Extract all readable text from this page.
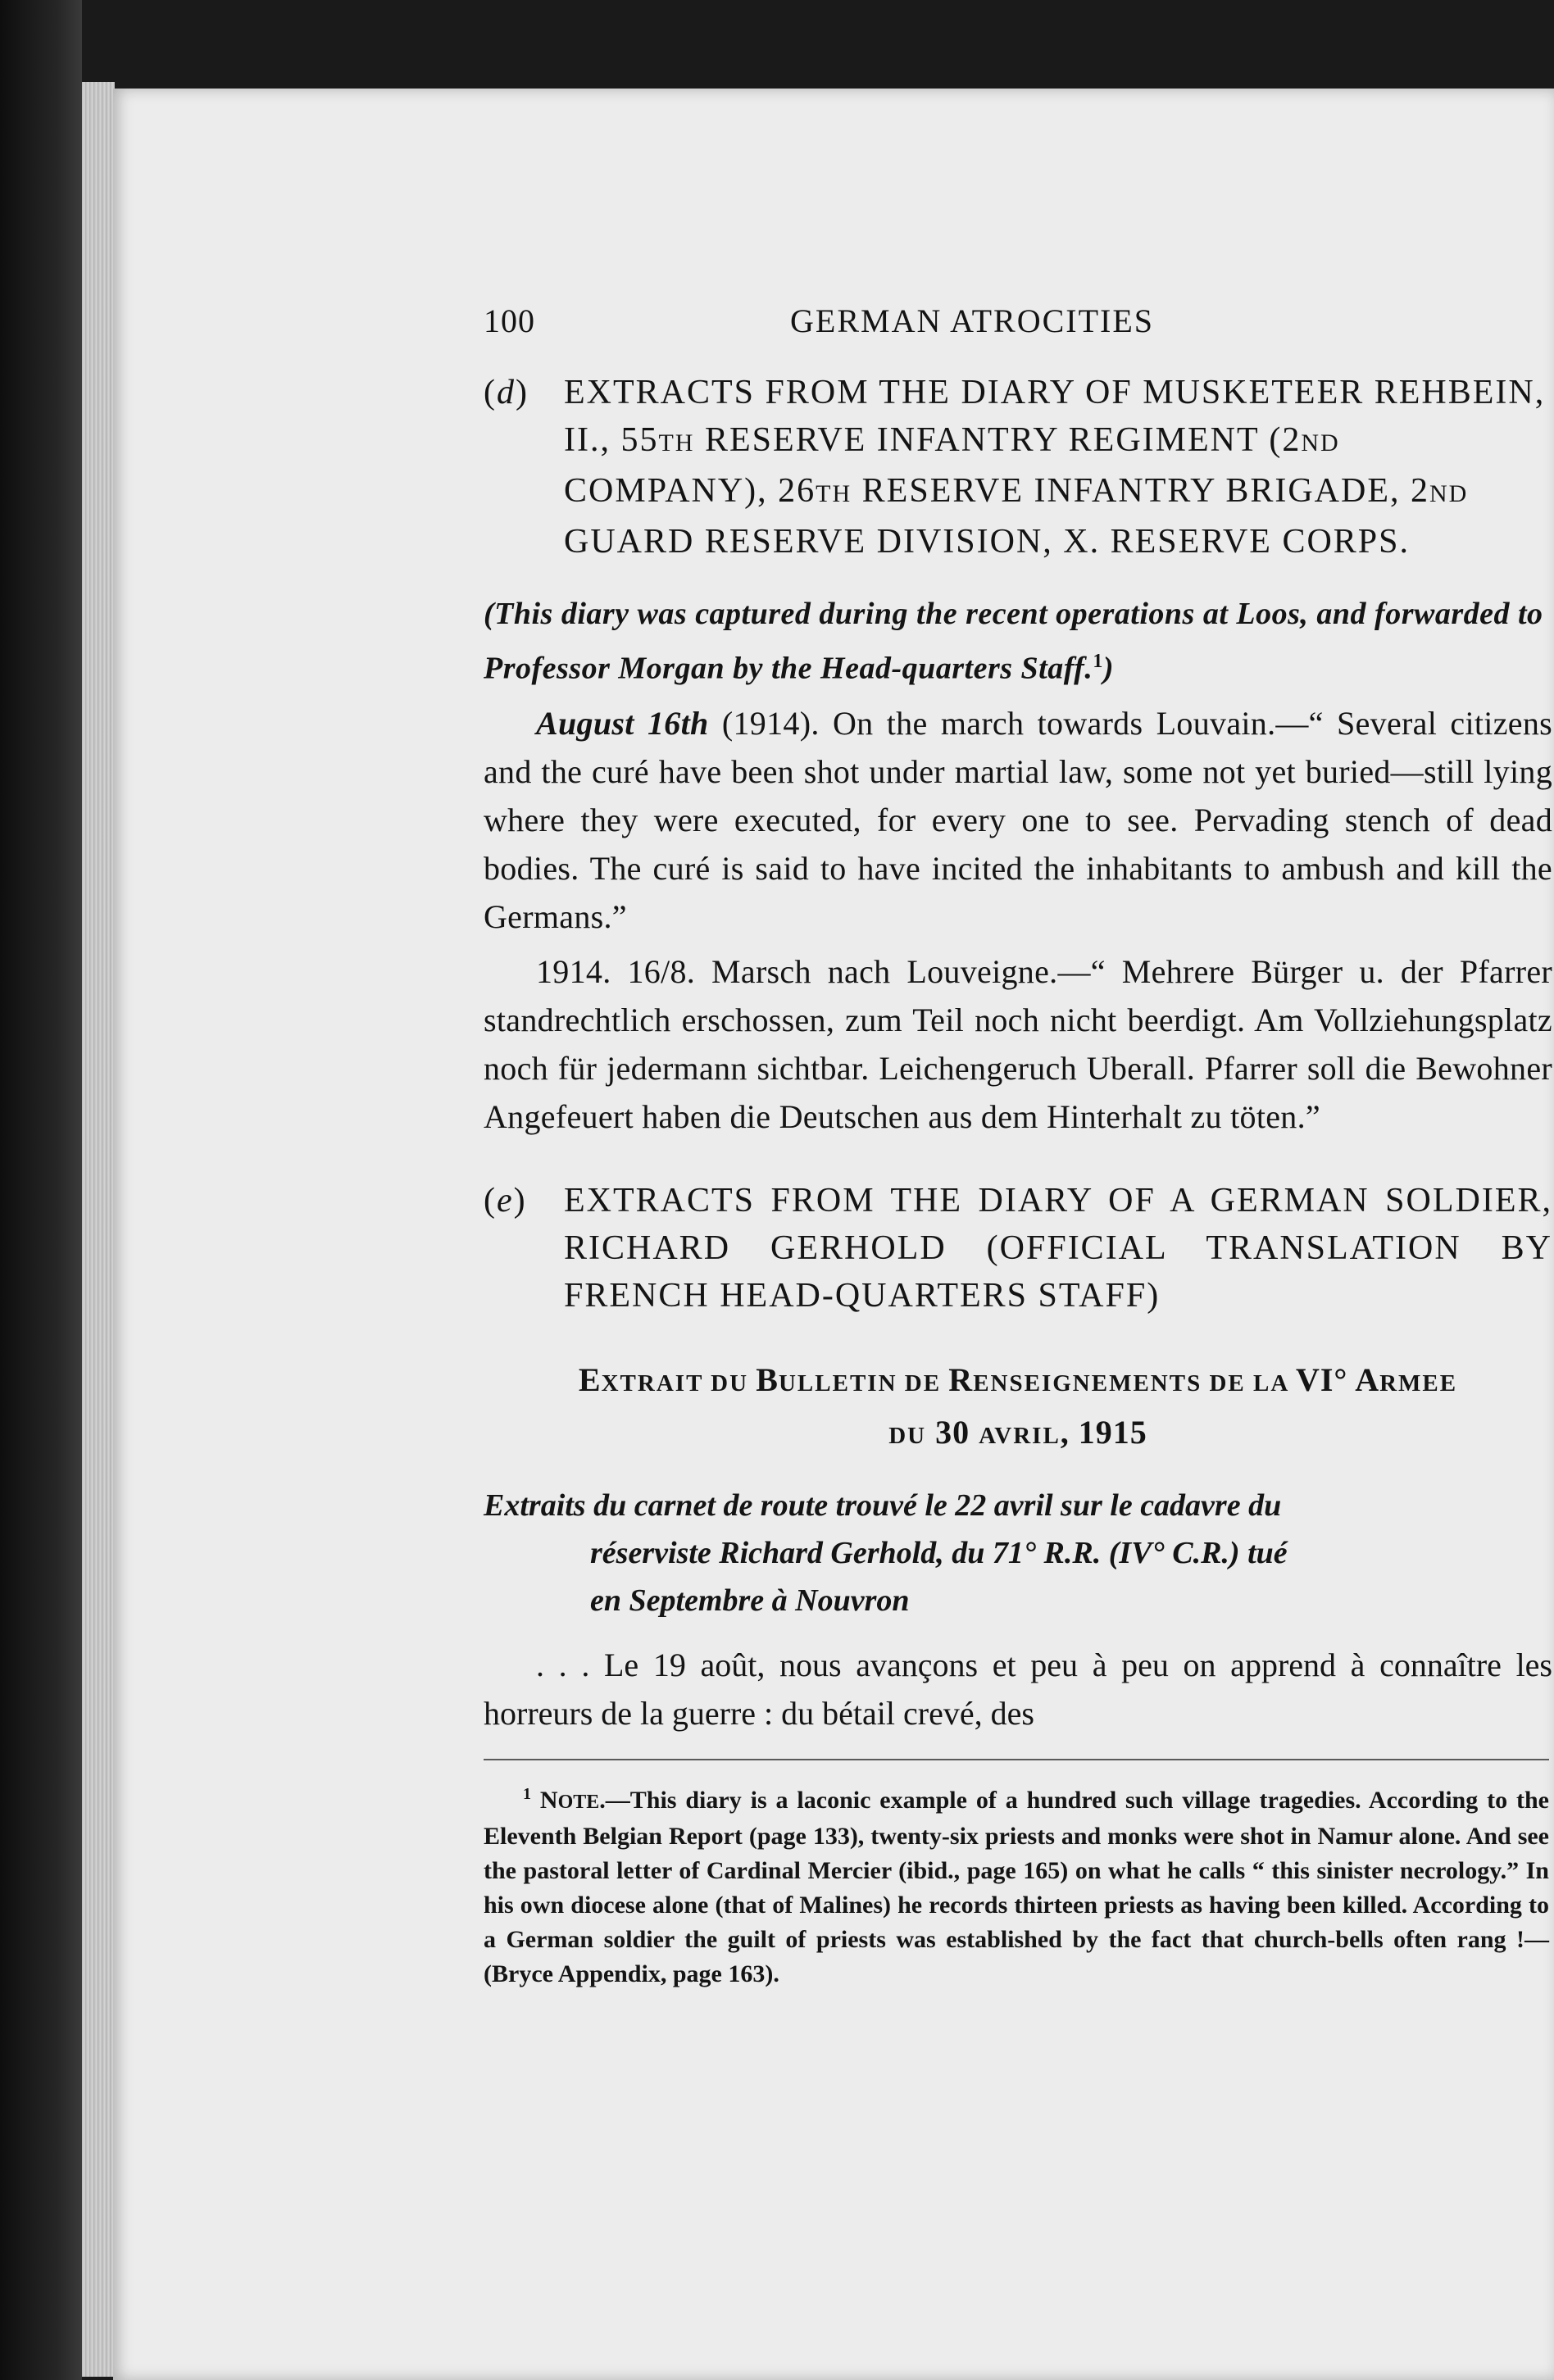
100	GERMAN ATROCITIES
(d)	EXTRACTS FROM THE DIARY OF MUSKETEER REHBEIN, II., 55TH RESERVE INFANTRY REGIMENT (2ND COMPANY), 26TH RESERVE INFANTRY BRIGADE, 2ND GUARD RESERVE DIVISION, X. RESERVE CORPS.
(This diary was captured during the recent operations at Loos, and forwarded to Professor Morgan by the Head-quarters Staff.$^1$)

August 16th (1914). On the march towards Louvain.—“ Several citizens and the curé have been shot under martial law, some not yet buried—still lying where they were executed, for every one to see. Pervading stench of dead bodies. The curé is said to have incited the inhabitants to ambush and kill the Germans.”

1914. 16/8. Marsch nach Louveigne.—“ Mehrere Bürger u. der Pfarrer standrechtlich erschossen, zum Teil noch nicht beerdigt. Am Vollziehungsplatz noch für jedermann sichtbar. Leichengeruch Uberall. Pfarrer soll die Bewohner Angefeuert haben die Deutschen aus dem Hinterhalt zu töten.”

(e)	EXTRACTS FROM THE DIARY OF A GERMAN SOLDIER, RICHARD GERHOLD (OFFICIAL TRANSLATION BY FRENCH HEAD-QUARTERS STAFF)
EXTRAIT DU BULLETIN DE RENSEIGNEMENTS DE LA VI° ARMEE
DU 30 AVRIL, 1915
Extraits du carnet de route trouvé le 22 avril sur le cadavre du
réserviste Richard Gerhold, du 71° R.R. (IV° C.R.) tué
en Septembre à Nouvron

. . . Le 19 août, nous avançons et peu à peu on apprend à connaître les horreurs de la guerre : du bétail crevé, des

$^1$ NOTE.—This diary is a laconic example of a hundred such village tragedies. According to the Eleventh Belgian Report (page 133), twenty-six priests and monks were shot in Namur alone. And see the pastoral letter of Cardinal Mercier (ibid., page 165) on what he calls “ this sinister necrology.” In his own diocese alone (that of Malines) he records thirteen priests as having been killed. According to a German soldier the guilt of priests was established by the fact that church-bells often rang !—(Bryce Appendix, page 163).
